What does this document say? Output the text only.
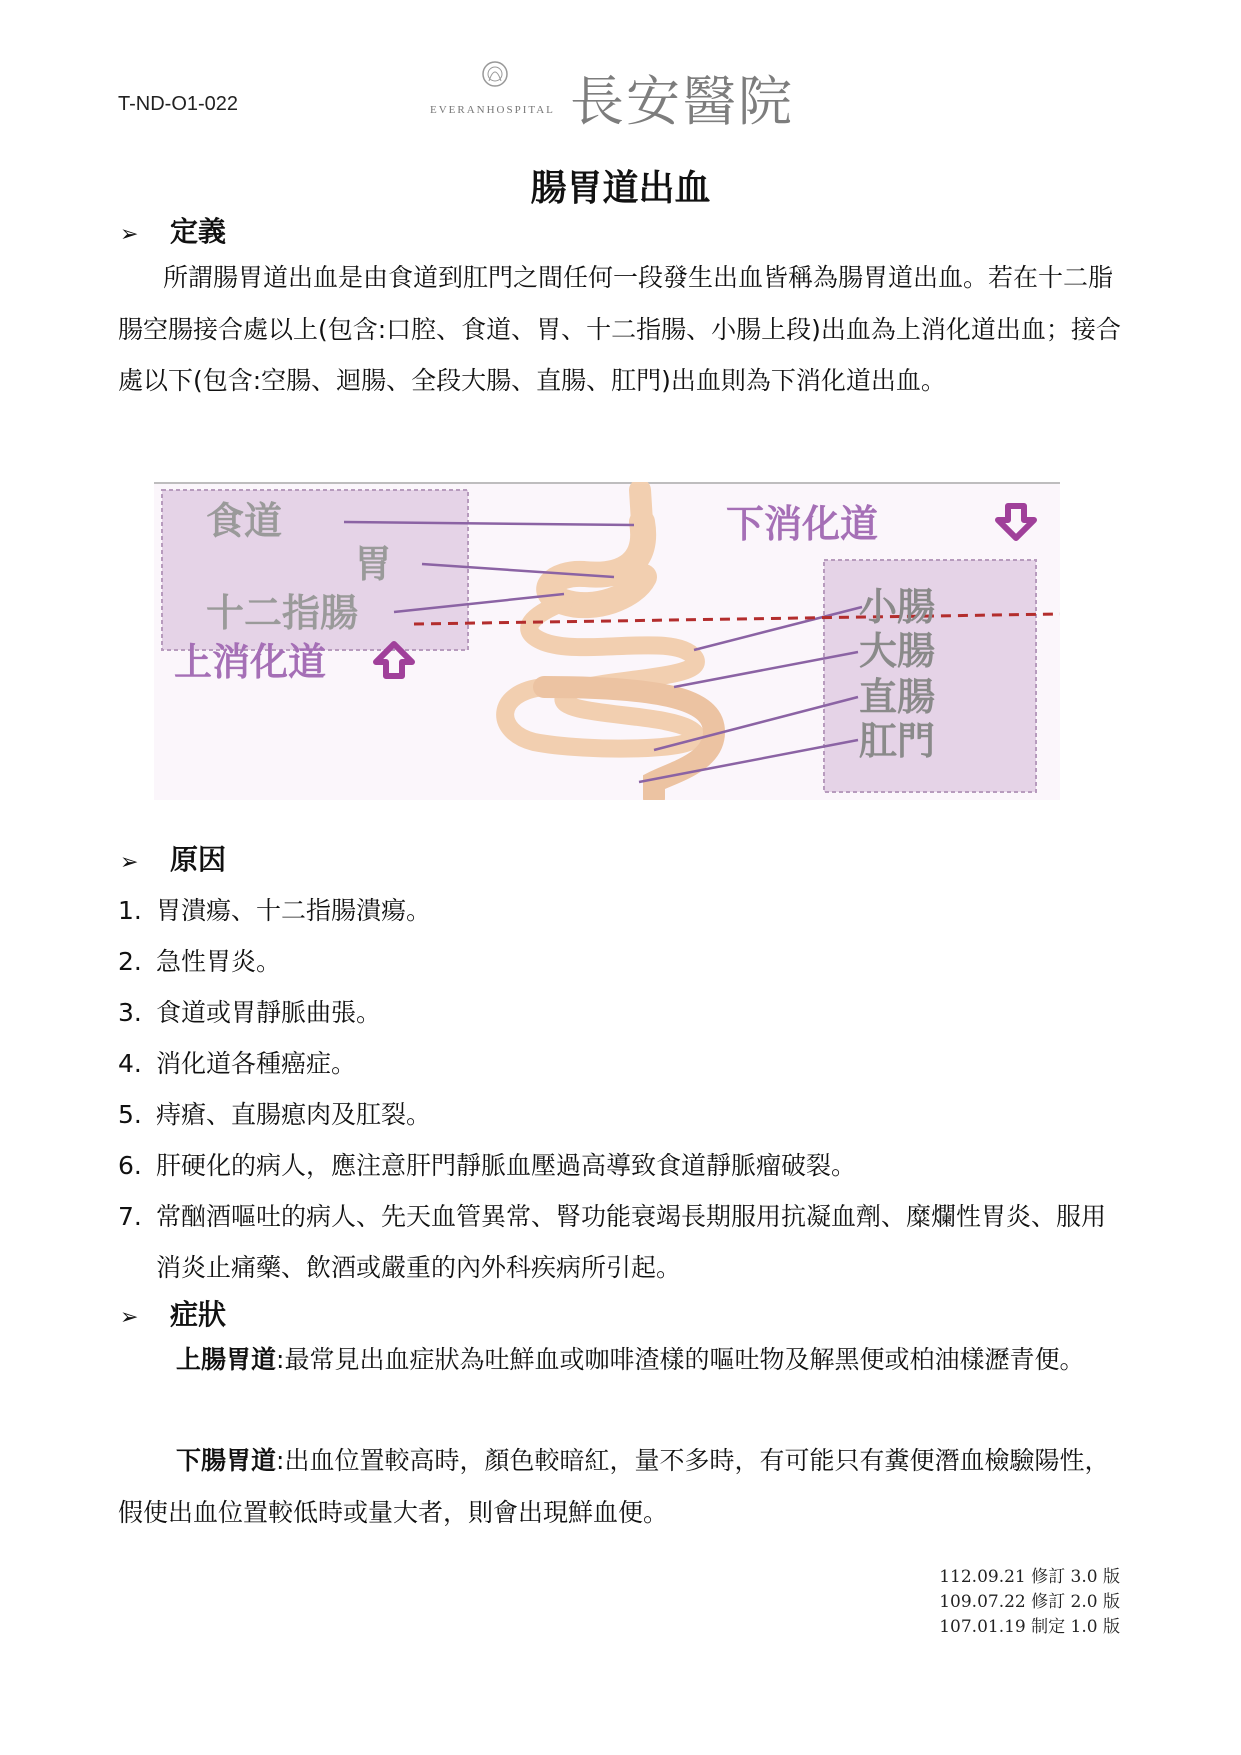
T-ND-O1-022	EVERANHOSPITAL 長安醫院
腸胃道出血
➢ 定義

所謂腸胃道出血是由食道到肛門之間任何一段發生出血皆稱為腸胃道出血。若在十二脂腸空腸接合處以上(包含:口腔、食道、胃、十二指腸、小腸上段)出血為上消化道出血；接合處以下(包含:空腸、迴腸、全段大腸、直腸、肛門)出血則為下消化道出血。

食道
胃
十二指腸
上消化道
下消化道
小腸
大腸
直腸
肛門
➢ 原因
1. 胃潰瘍、十二指腸潰瘍。
2. 急性胃炎。
3. 食道或胃靜脈曲張。
4. 消化道各種癌症。
5. 痔瘡、直腸瘜肉及肛裂。
6. 肝硬化的病人，應注意肝門靜脈血壓過高導致食道靜脈瘤破裂。
7. 常酗酒嘔吐的病人、先天血管異常、腎功能衰竭長期服用抗凝血劑、糜爛性胃炎、服用消炎止痛藥、飲酒或嚴重的內外科疾病所引起。
➢ 症狀

上腸胃道:最常見出血症狀為吐鮮血或咖啡渣樣的嘔吐物及解黑便或柏油樣瀝青便。

下腸胃道:出血位置較高時，顏色較暗紅，量不多時，有可能只有糞便潛血檢驗陽性，假使出血位置較低時或量大者，則會出現鮮血便。

112.09.21 修訂 3.0 版
109.07.22 修訂 2.0 版
107.01.19 制定 1.0 版
